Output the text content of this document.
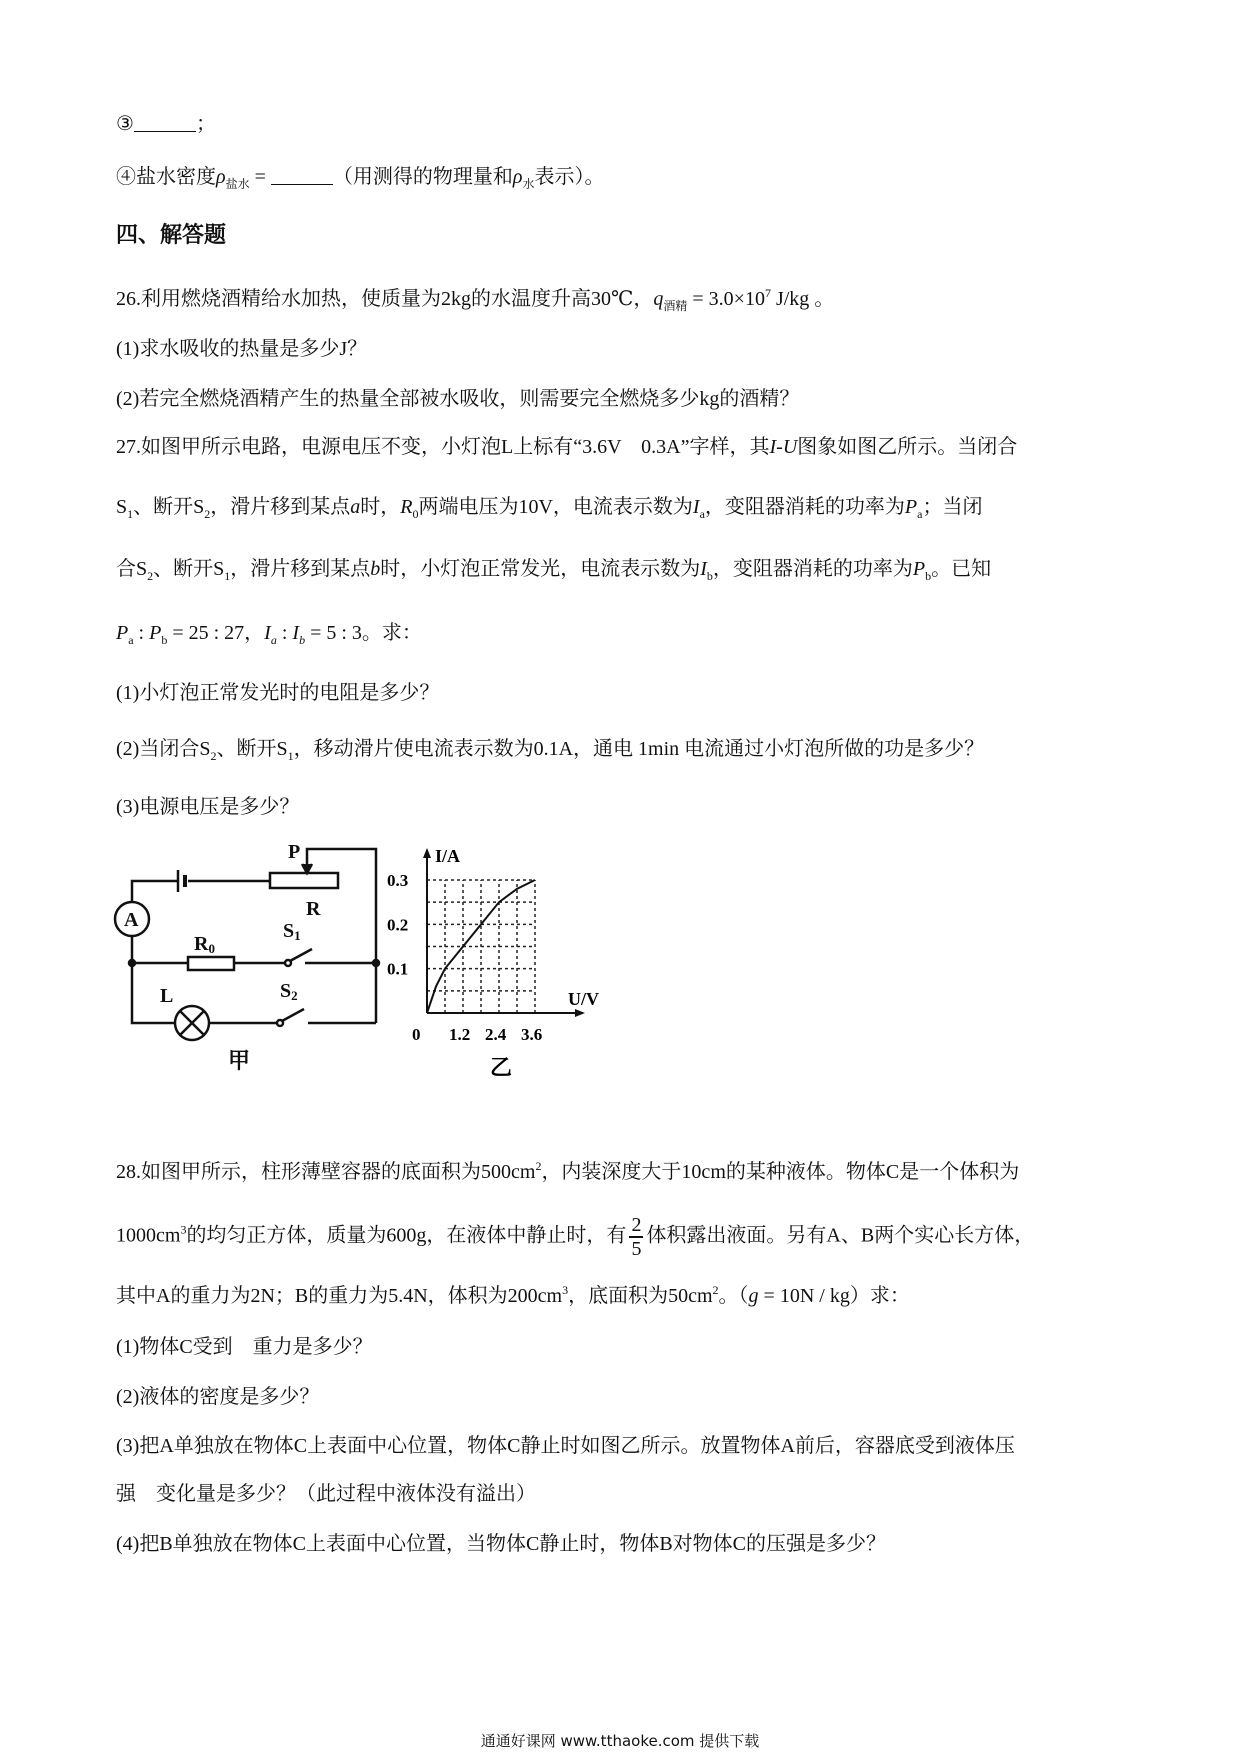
③	；
④盐水密度$\rho_{盐水}$ =	（用测得的物理量和$\rho_水$表示）。
四、解答题
26.利用燃烧酒精给水加热，使质量为2kg的水温度升高30℃，$q_{酒精} = 3.0\times 10^7$ J/kg 。
(1)求水吸收的热量是多少J？
(2)若完全燃烧酒精产生的热量全部被水吸收，则需要完全燃烧多少kg的酒精？
27.如图甲所示电路，电源电压不变，小灯泡L上标有“3.6V　0.3A”字样，其I-U图象如图乙所示。当闭合
$S_1$、断开$S_2$，滑片移到某点a时，$R_0$两端电压为10V，电流表示数为$I_a$，变阻器消耗的功率为$P_a$；当闭
合$S_2$、断开$S_1$，滑片移到某点b时，小灯泡正常发光，电流表示数为$I_b$，变阻器消耗的功率为$P_b$。已知
$P_a$ : $P_b = 25$ : 27，$I_a$ : $I_b = 5$ : 3。求：
(1)小灯泡正常发光时的电阻是多少？
(2)当闭合$S_2$、断开$S_1$，移动滑片使电流表示数为0.1A，通电 1min 电流通过小灯泡所做的功是多少？
(3)电源电压是多少？
P
R
A
R0
S1
S2
L
甲
0.1
0.2
0.3
1.2 2.4 3.6
0
I/A
U/V
乙
28.如图甲所示，柱形薄壁容器的底面积为$500cm^2$，内装深度大于10cm的某种液体。物体C是一个体积为
$1000cm^3$的均匀正方体，质量为600g，在液体中静止时，有 $\frac{2}{5}$ 体积露出液面。另有A、B两个实心长方体，
其中A的重力为2N；B的重力为5.4N，体积为$200cm^3$，底面积为$50cm^2$。（g = 10N / kg）求：
(1)物体C受到　重力是多少？
(2)液体的密度是多少？
(3)把A单独放在物体C上表面中心位置，物体C静止时如图乙所示。放置物体A前后，容器底受到液体压
强　变化量是多少？（此过程中液体没有溢出）
(4)把B单独放在物体C上表面中心位置，当物体C静止时，物体B对物体C的压强是多少？
通通好课网 www.tthaoke.com 提供下载
